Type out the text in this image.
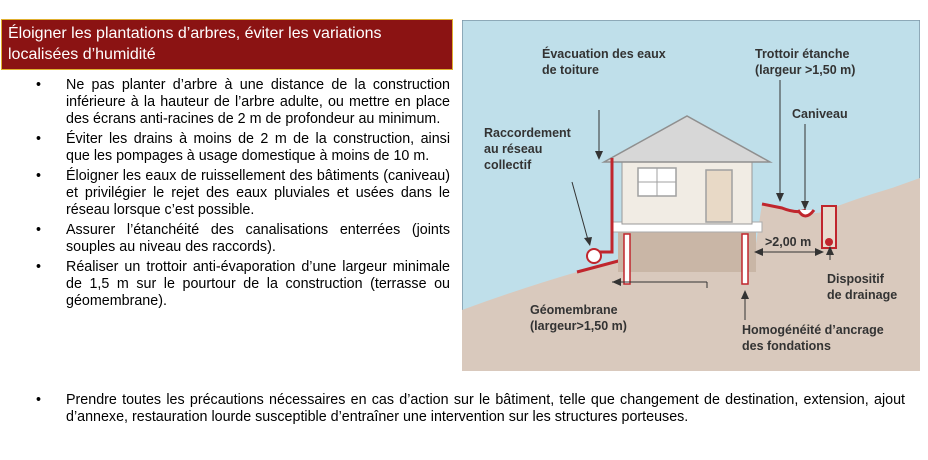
Éloigner les plantations d’arbres, éviter les variations
localisées d’humidité
• Ne pas planter d’arbre à une distance de la construction inférieure à la hauteur de l’arbre adulte, ou mettre en place des écrans anti-racines de 2 m de profondeur au minimum.
• Éviter les drains à moins de 2 m de la construction, ainsi que les pompages à usage domestique à moins de 10 m.
• Éloigner les eaux de ruissellement des bâtiments (caniveau) et privilégier le rejet des eaux pluviales et usées dans le réseau lorsque c’est possible.
• Assurer l’étanchéité des canalisations enterrées (joints souples au niveau des raccords).
• Réaliser un trottoir anti-évaporation d’une largeur minimale de 1,5 m sur le pourtour de la construction (terrasse ou géomembrane).
• Prendre toutes les précautions nécessaires en cas d’action sur le bâtiment, telle que changement de destination, extension, ajout d’annexe, restauration lourde susceptible d’entraîner une intervention sur les structures porteuses.
Évacuation des eaux
de toiture
Trottoir étanche
(largeur >1,50 m)
Caniveau
Raccordement
au réseau
collectif
>2,00 m
Dispositif
de drainage
Géomembrane
(largeur>1,50 m)	Homogénéité d’ancrage
des fondations
